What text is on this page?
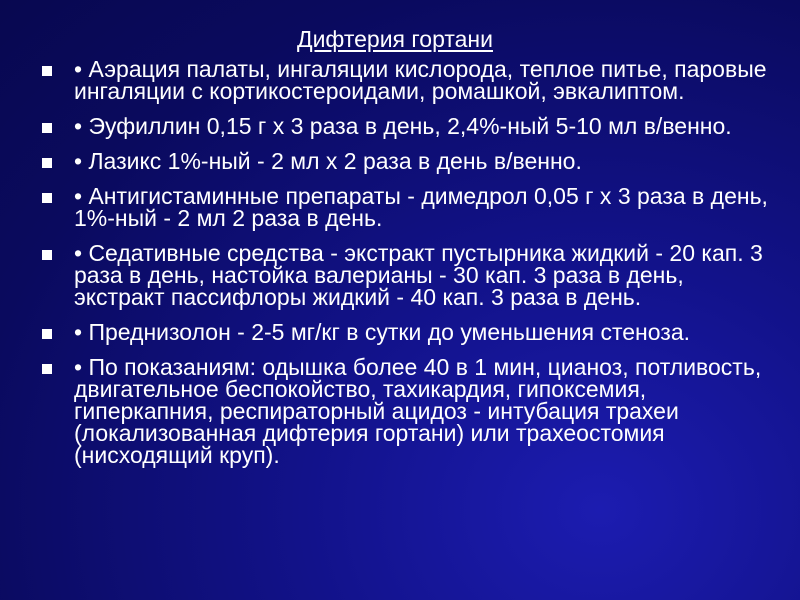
Дифтерия гортани
• Аэрация палаты, ингаляции кислорода, теплое питье, паровые ингаляции с кортикостероидами, ромашкой, эвкалиптом.
• Эуфиллин 0,15 г х 3 раза в день, 2,4%-ный 5-10 мл в/венно.
• Лазикс 1%-ный - 2 мл х 2 раза в день в/венно.
• Антигистаминные препараты - димедрол 0,05 г х 3 раза в день, 1%-ный - 2 мл 2 раза в день.
• Седативные средства - экстракт пустырника жидкий - 20 кап. 3 раза в день, настойка валерианы - 30 кап. 3 раза в день, экстракт пассифлоры жидкий - 40 кап. 3 раза в день.
• Преднизолон - 2-5 мг/кг в сутки до уменьшения стеноза.
• По показаниям: одышка более 40 в 1 мин, цианоз, потливость, двигательное беспокойство, тахикардия, гипоксемия, гиперкапния, респираторный ацидоз - интубация трахеи (локализованная дифтерия гортани) или трахеостомия (нисходящий круп).
